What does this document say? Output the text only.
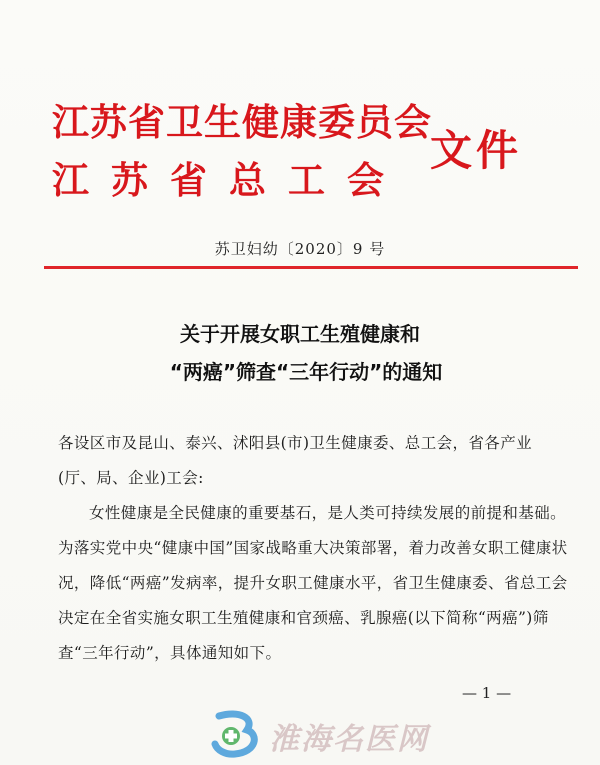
江苏省卫生健康委员会
江苏省总工会
文件
苏卫妇幼〔2020〕9 号
关于开展女职工生殖健康和
“两癌”筛查“三年行动”的通知
各设区市及昆山、泰兴、沭阳县(市)卫生健康委、总工会，省各产业(厅、局、企业)工会:
女性健康是全民健康的重要基石，是人类可持续发展的前提和基础。为落实党中央“健康中国”国家战略重大决策部署，着力改善女职工健康状况，降低“两癌”发病率，提升女职工健康水平，省卫生健康委、省总工会决定在全省实施女职工生殖健康和官颈癌、乳腺癌(以下简称“两癌”)筛查“三年行动”，具体通知如下。
— 1 —
淮海名医网
